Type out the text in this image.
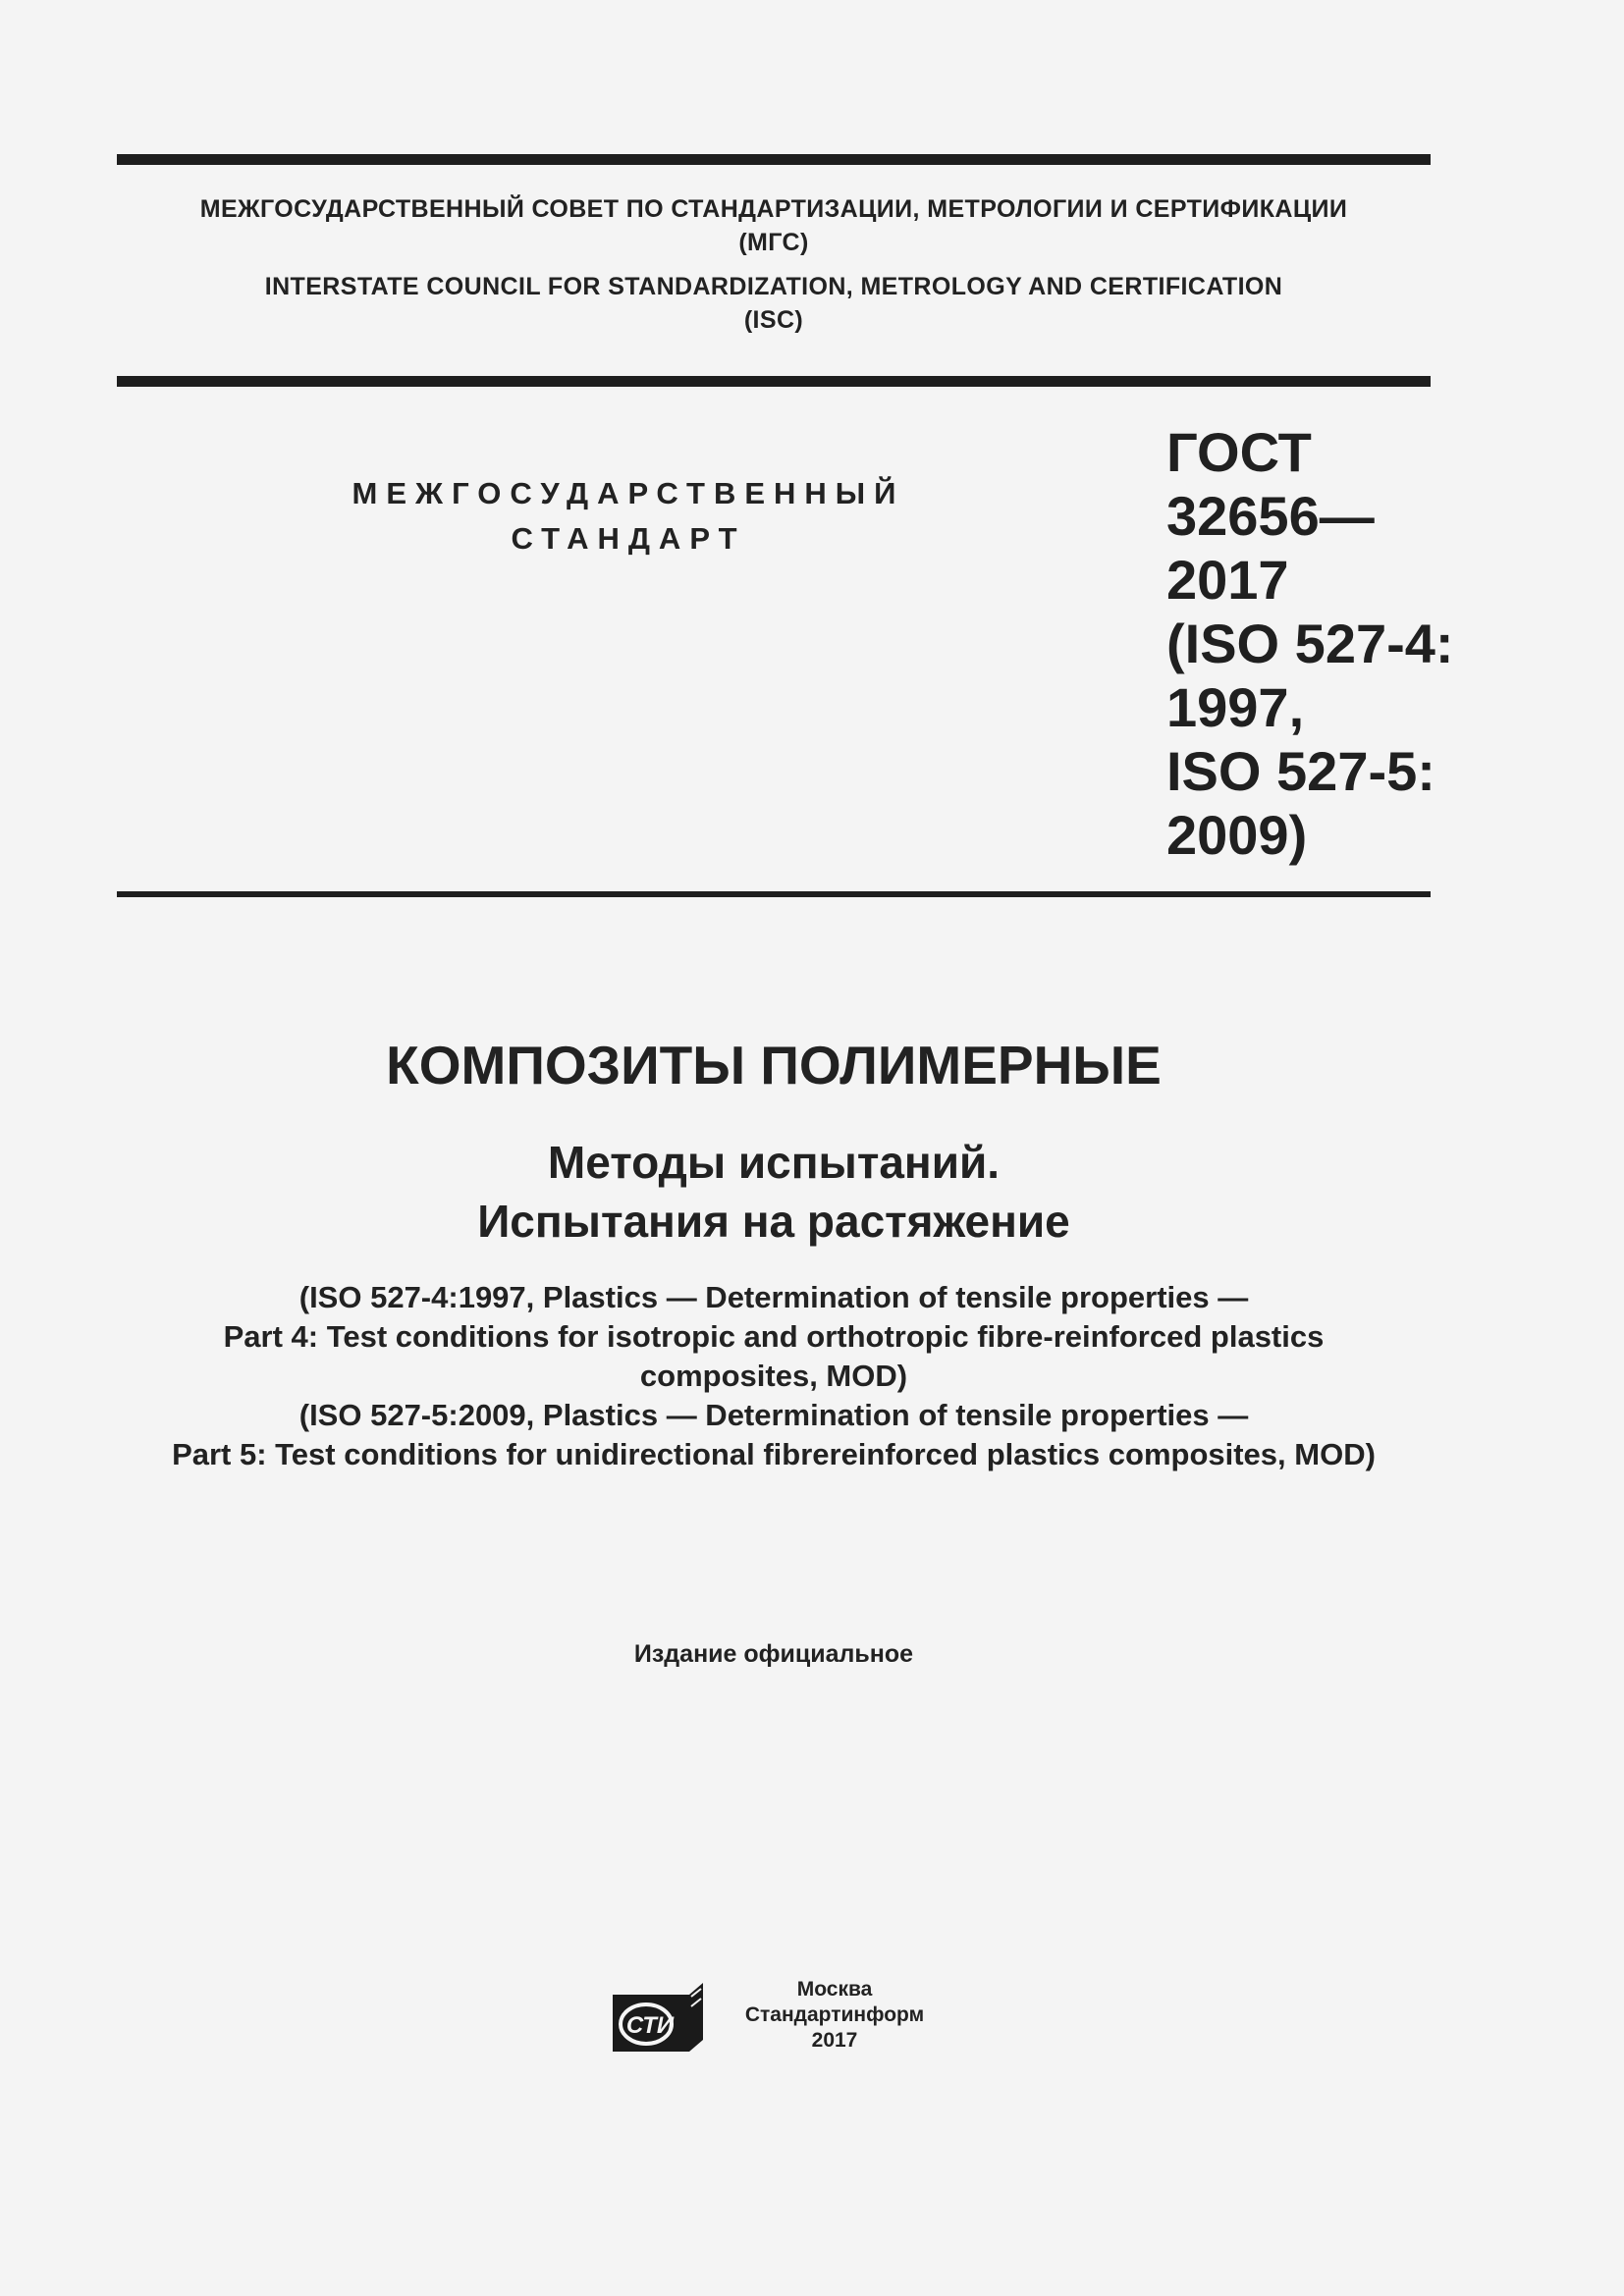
МЕЖГОСУДАРСТВЕННЫЙ СОВЕТ ПО СТАНДАРТИЗАЦИИ, МЕТРОЛОГИИ И СЕРТИФИКАЦИИ
(МГС)
INTERSTATE COUNCIL FOR STANDARDIZATION, METROLOGY AND CERTIFICATION
(ISC)
МЕЖГОСУДАРСТВЕННЫЙ
СТАНДАРТ
ГОСТ
32656—
2017
(ISO 527-4:
1997,
ISO 527-5:
2009)
КОМПОЗИТЫ ПОЛИМЕРНЫЕ
Методы испытаний.
Испытания на растяжение
(ISO 527-4:1997, Plastics — Determination of tensile properties —
Part 4: Test conditions for isotropic and orthotropic fibre-reinforced plastics
composites, MOD)
(ISO 527-5:2009, Plastics — Determination of tensile properties —
Part 5: Test conditions for unidirectional fibrereinforced plastics composites, MOD)
Издание официальное
СТИ
Москва
Стандартинформ
2017
